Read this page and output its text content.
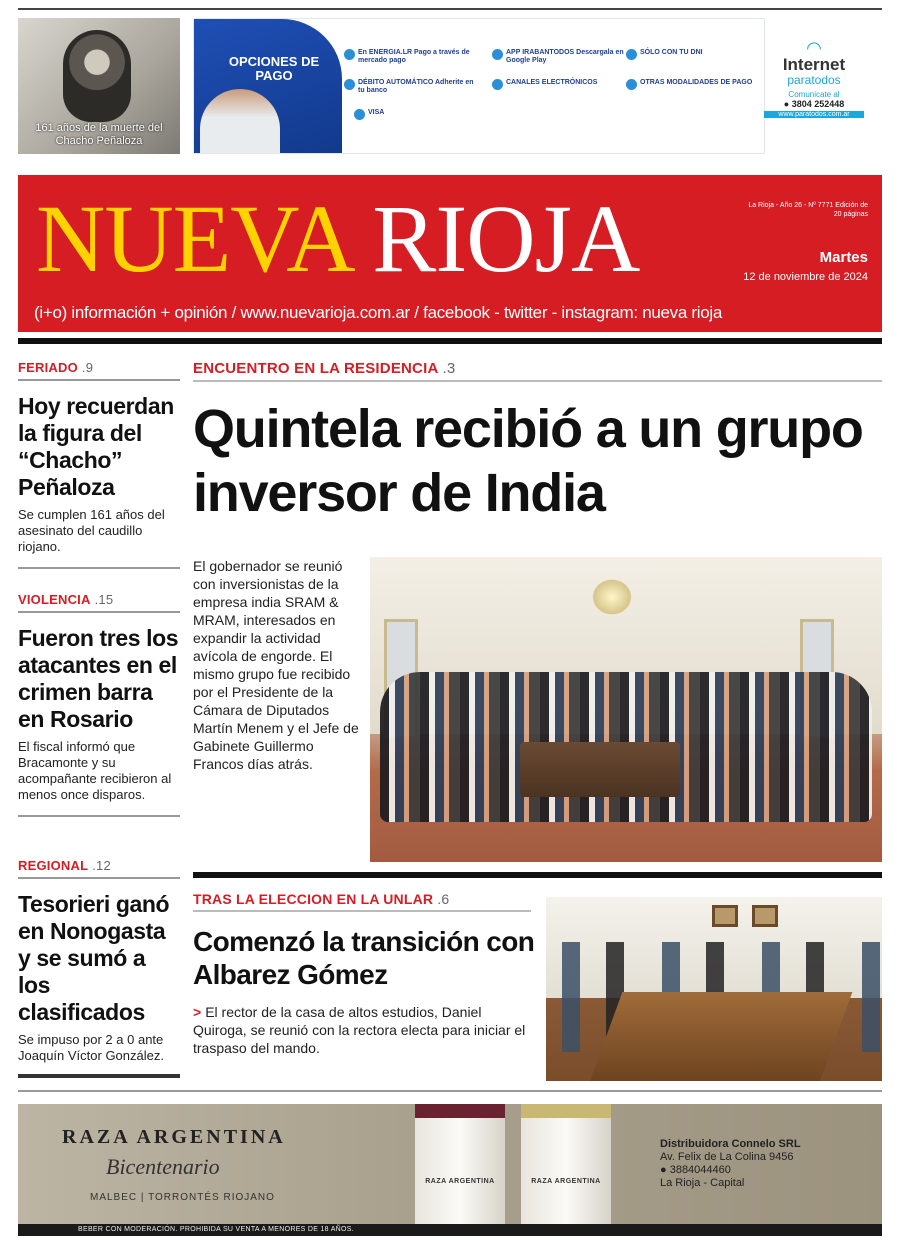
161 años de la muerte del Chacho Peñaloza
OPCIONES DE PAGO
En ENERGIA.LR Pago a través de mercado pago
APP IRABANTODOS Descargala en Google Play
SÓLO CON TU DNI
DÉBITO AUTOMÁTICO Adherite en tu banco
CANALES ELECTRÓNICOS	OTRAS MODALIDADES DE PAGO
VISA
◠
Internet
paratodos
Comunicate al
● 3804 252448
www.paratodos.com.ar
NUEVA RIOJA	La Rioja - Año 26 - Nº 7771 Edición de 20 páginas
Martes
12 de noviembre de 2024
(i+o) información + opinión / www.nuevarioja.com.ar / facebook - twitter - instagram: nueva rioja
FERIADO .9
Hoy recuerdan la figura del “Chacho” Peñaloza
Se cumplen 161 años del asesinato del caudillo riojano.
VIOLENCIA .15
Fueron tres los atacantes en el crimen barra en Rosario
El fiscal informó que Bracamonte y su acompañante recibieron al menos once disparos.
REGIONAL .12
Tesorieri ganó en Nonogasta y se sumó a los clasificados
Se impuso por 2 a 0 ante Joaquín Víctor González.
ENCUENTRO EN LA RESIDENCIA .3
Quintela recibió a un grupo inversor de India
El gobernador se reunió con inversionistas de la empresa india SRAM & MRAM, interesados en expandir la actividad avícola de engorde. El mismo grupo fue recibido por el Presidente de la Cámara de Diputados Martín Menem y el Jefe de Gabinete Guillermo Francos días atrás.
TRAS LA ELECCION EN LA UNLAR .6
Comenzó la transición con Albarez Gómez
> El rector de la casa de altos estudios, Daniel Quiroga, se reunió con la rectora electa para iniciar el traspaso del mando.
RAZA ARGENTINA
Bicentenario
MALBEC | TORRONTÉS RIOJANO
RAZA ARGENTINA	RAZA ARGENTINA
Distribuidora Connelo SRL
Av. Felix de La Colina 9456
● 3884044460
La Rioja - Capital
BEBER CON MODERACIÓN. PROHIBIDA SU VENTA A MENORES DE 18 AÑOS.
